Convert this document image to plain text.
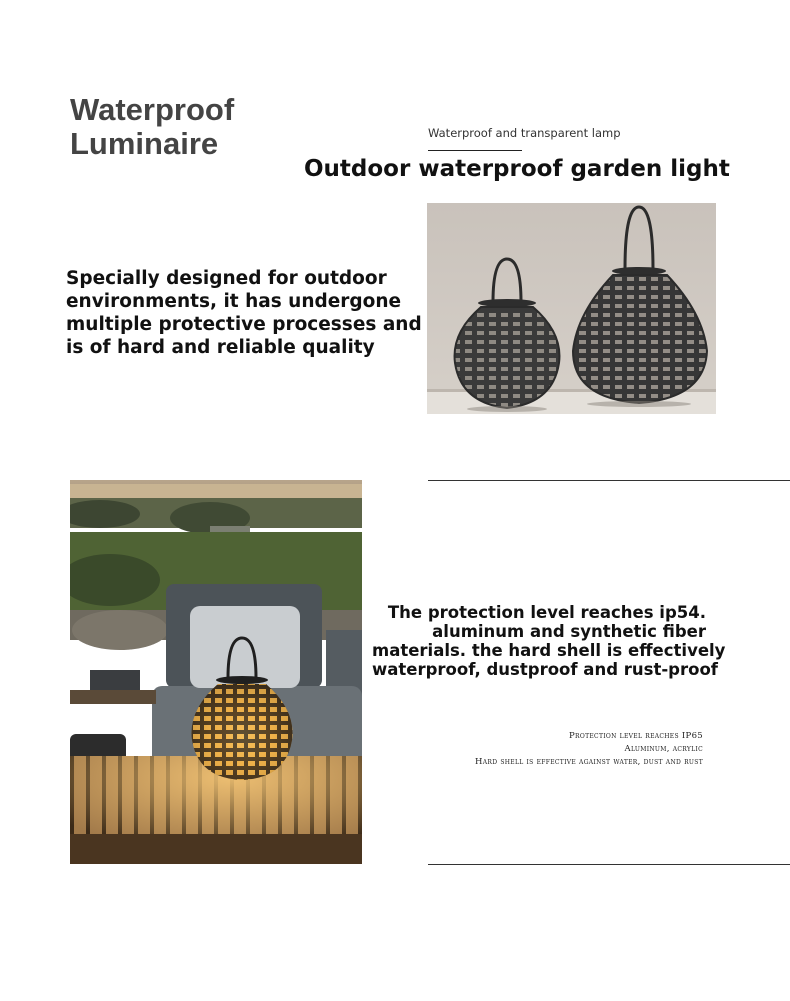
Waterproof
Luminaire	Waterproof and transparent lamp
Outdoor waterproof garden light
Specially designed for outdoor
environments, it has undergone
multiple protective processes and
is of hard and reliable quality
The protection level reaches ip54.
aluminum and synthetic fiber
materials. the hard shell is effectively
waterproof, dustproof and rust-proof
Protection level reaches IP65
Aluminum, acrylic
Hard shell is effective against water, dust and rust
